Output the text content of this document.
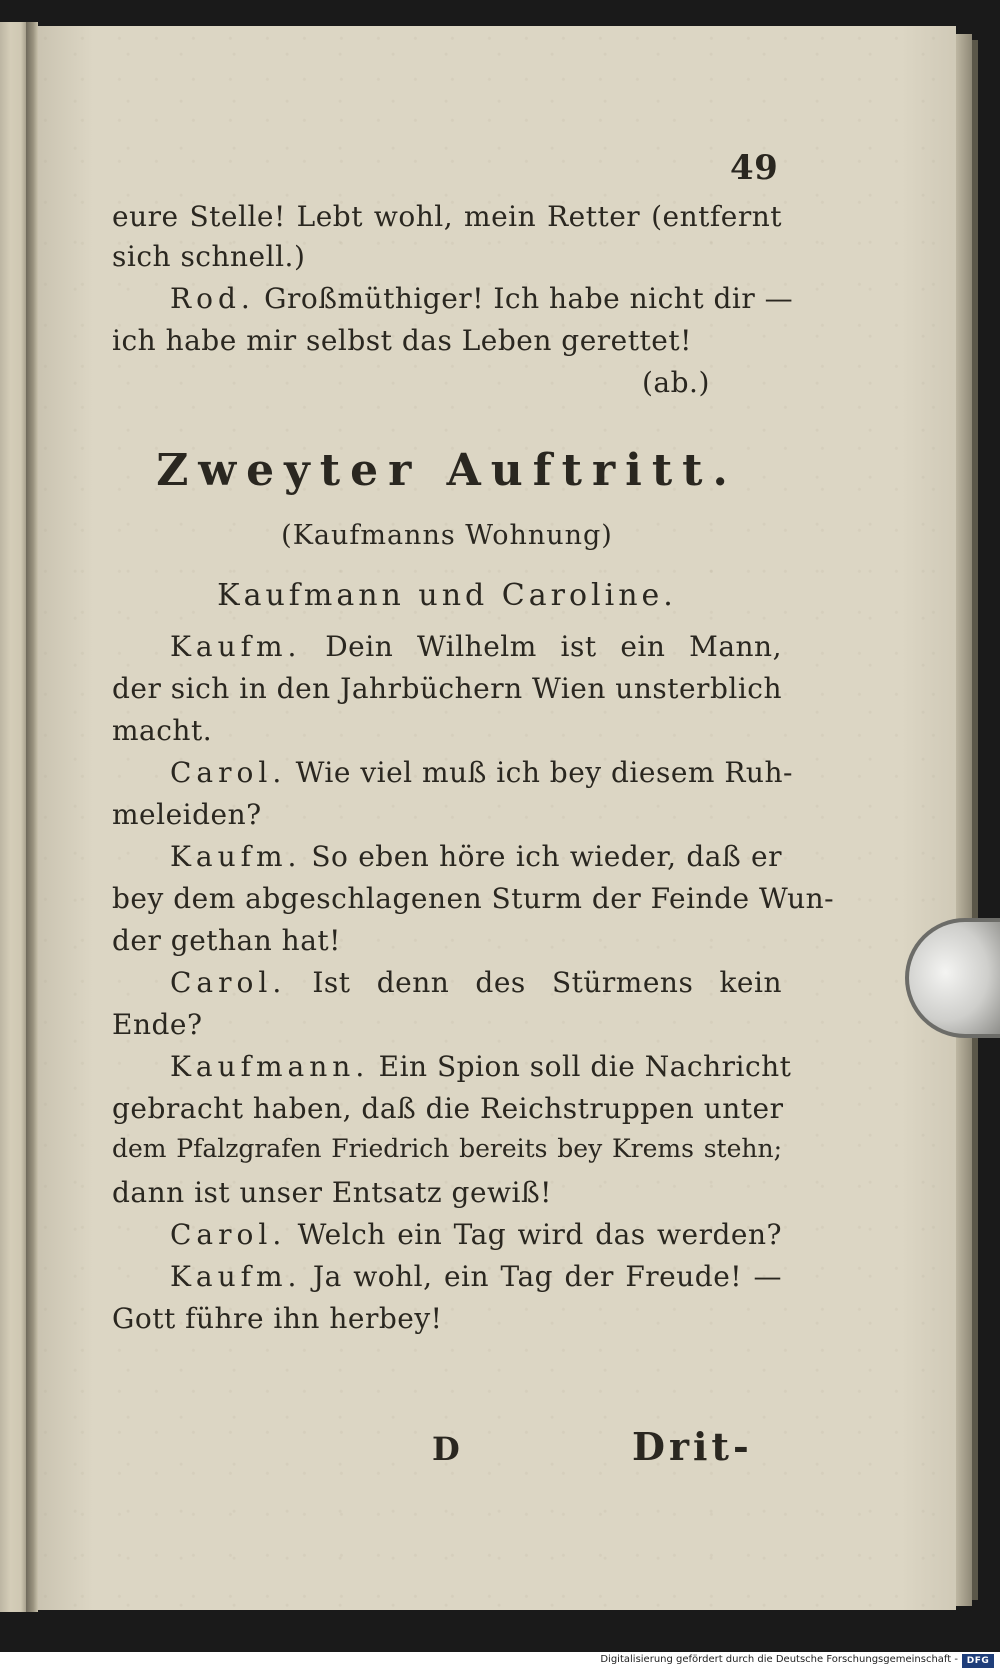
49
eure Stelle! Lebt wohl, mein Retter (entfernt
sich schnell.)
Rod. Großmüthiger! Ich habe nicht dir —
ich habe mir selbst das Leben gerettet!
(ab.)
Zweyter Auftritt.
(Kaufmanns Wohnung)
Kaufmann und Caroline.
Kaufm. Dein Wilhelm ist ein Mann,
der sich in den Jahrbüchern Wien unsterblich
macht.
Carol. Wie viel muß ich bey diesem Ruh-
meleiden?
Kaufm. So eben höre ich wieder, daß er
bey dem abgeschlagenen Sturm der Feinde Wun-
der gethan hat!
Carol. Ist denn des Stürmens kein
Ende?
Kaufmann. Ein Spion soll die Nachricht
gebracht haben, daß die Reichstruppen unter
dem Pfalzgrafen Friedrich bereits bey Krems stehn;
dann ist unser Entsatz gewiß!
Carol. Welch ein Tag wird das werden?
Kaufm. Ja wohl, ein Tag der Freude! —
Gott führe ihn herbey!
D	Drit-
Digitalisierung gefördert durch die Deutsche Forschungsgemeinschaft - DFG
